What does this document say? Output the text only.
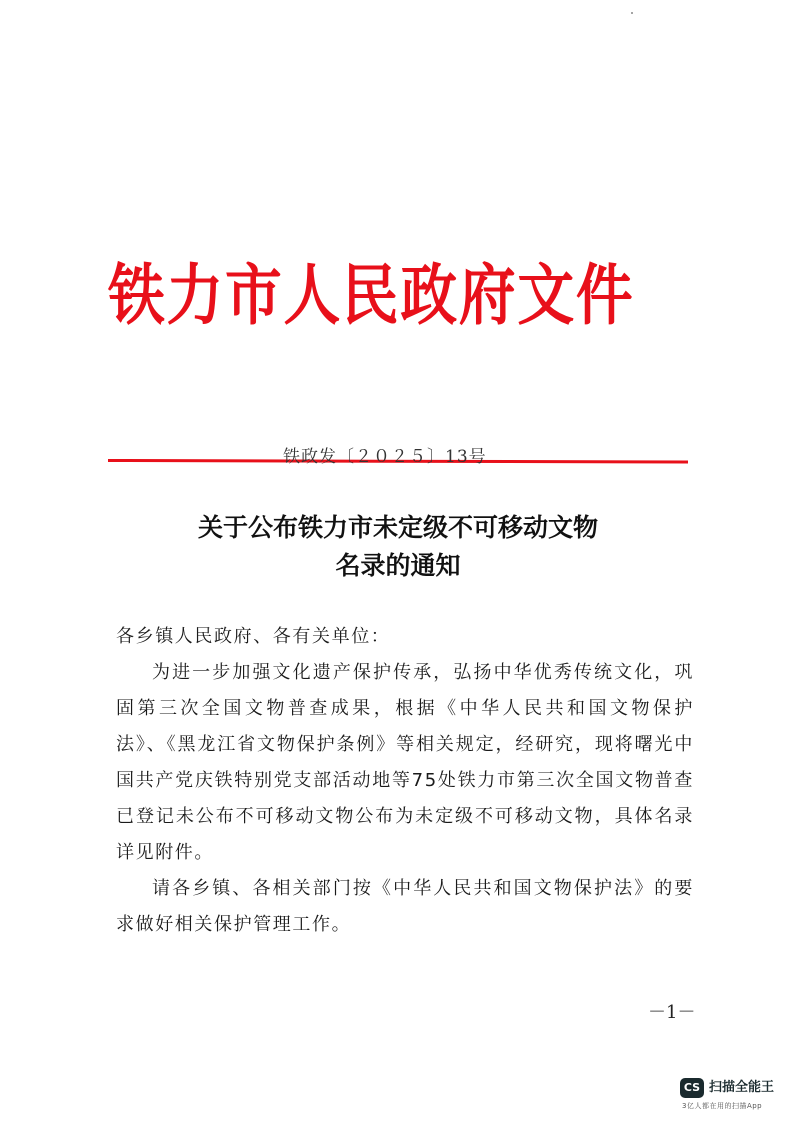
铁力市人民政府文件
铁政发〔２０２５〕13号
关于公布铁力市未定级不可移动文物
名录的通知

各乡镇人民政府、各有关单位：

为进一步加强文化遗产保护传承，弘扬中华优秀传统文化，巩固第三次全国文物普查成果，根据《中华人民共和国文物保护法》、《黑龙江省文物保护条例》等相关规定，经研究，现将曙光中国共产党庆铁特别党支部活动地等75处铁力市第三次全国文物普查已登记未公布不可移动文物公布为未定级不可移动文物，具体名录详见附件。

请各乡镇、各相关部门按《中华人民共和国文物保护法》的要求做好相关保护管理工作。

－1－
CS 扫描全能王
3亿人都在用的扫描App
